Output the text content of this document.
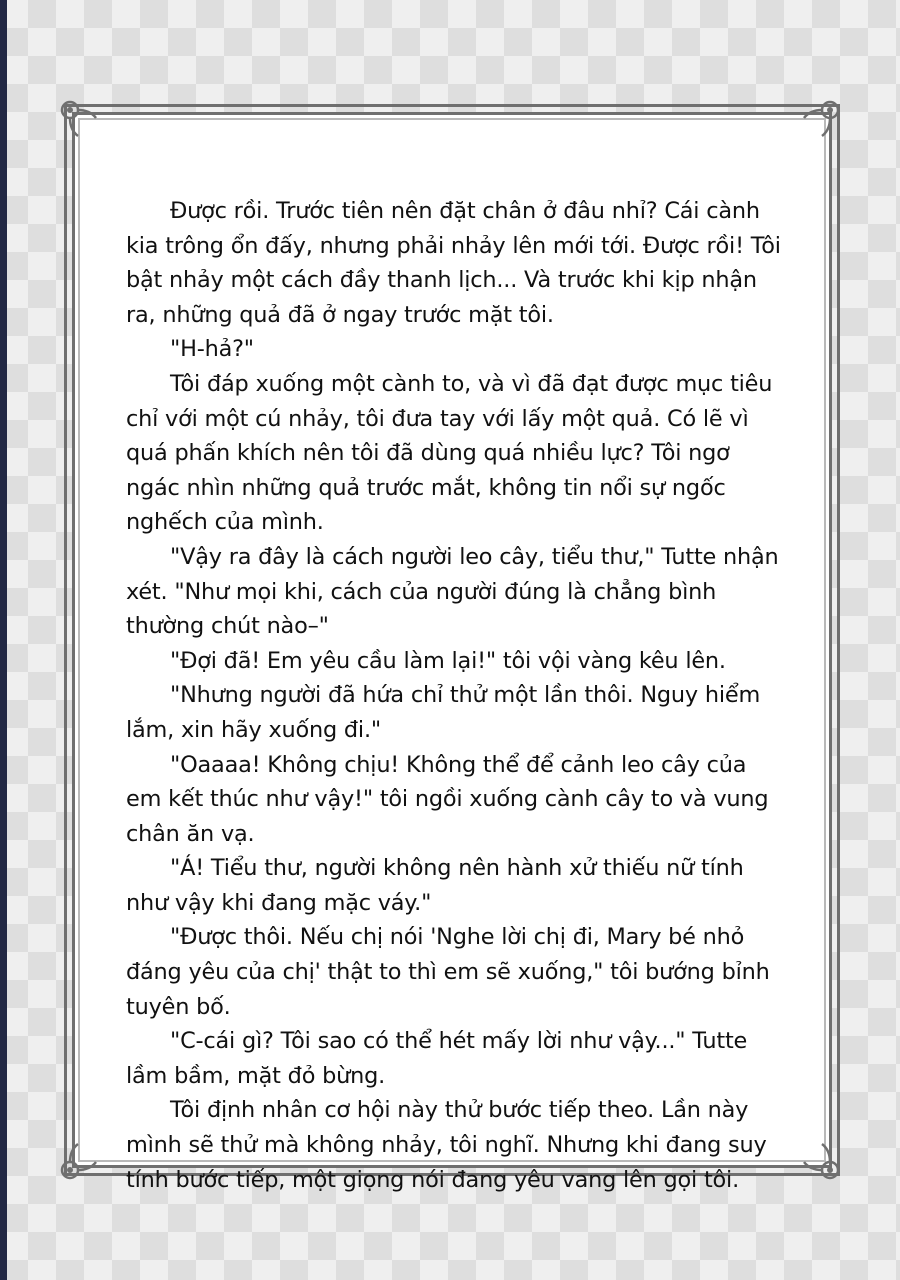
Được rồi. Trước tiên nên đặt chân ở đâu nhỉ? Cái cành kia trông ổn đấy, nhưng phải nhảy lên mới tới. Được rồi! Tôi bật nhảy một cách đầy thanh lịch... Và trước khi kịp nhận ra, những quả đã ở ngay trước mặt tôi.

"H-hả?"

Tôi đáp xuống một cành to, và vì đã đạt được mục tiêu chỉ với một cú nhảy, tôi đưa tay với lấy một quả. Có lẽ vì quá phấn khích nên tôi đã dùng quá nhiều lực? Tôi ngơ ngác nhìn những quả trước mắt, không tin nổi sự ngốc nghếch của mình.

"Vậy ra đây là cách người leo cây, tiểu thư," Tutte nhận xét. "Như mọi khi, cách của người đúng là chẳng bình thường chút nào–"

"Đợi đã! Em yêu cầu làm lại!" tôi vội vàng kêu lên.

"Nhưng người đã hứa chỉ thử một lần thôi. Nguy hiểm lắm, xin hãy xuống đi."

"Oaaaa! Không chịu! Không thể để cảnh leo cây của em kết thúc như vậy!" tôi ngồi xuống cành cây to và vung chân ăn vạ.

"Á! Tiểu thư, người không nên hành xử thiếu nữ tính như vậy khi đang mặc váy."

"Được thôi. Nếu chị nói 'Nghe lời chị đi, Mary bé nhỏ đáng yêu của chị' thật to thì em sẽ xuống," tôi bướng bỉnh tuyên bố.

"C-cái gì? Tôi sao có thể hét mấy lời như vậy..." Tutte lầm bầm, mặt đỏ bừng.

Tôi định nhân cơ hội này thử bước tiếp theo. Lần này mình sẽ thử mà không nhảy, tôi nghĩ. Nhưng khi đang suy tính bước tiếp, một giọng nói đang yêu vang lên gọi tôi.
